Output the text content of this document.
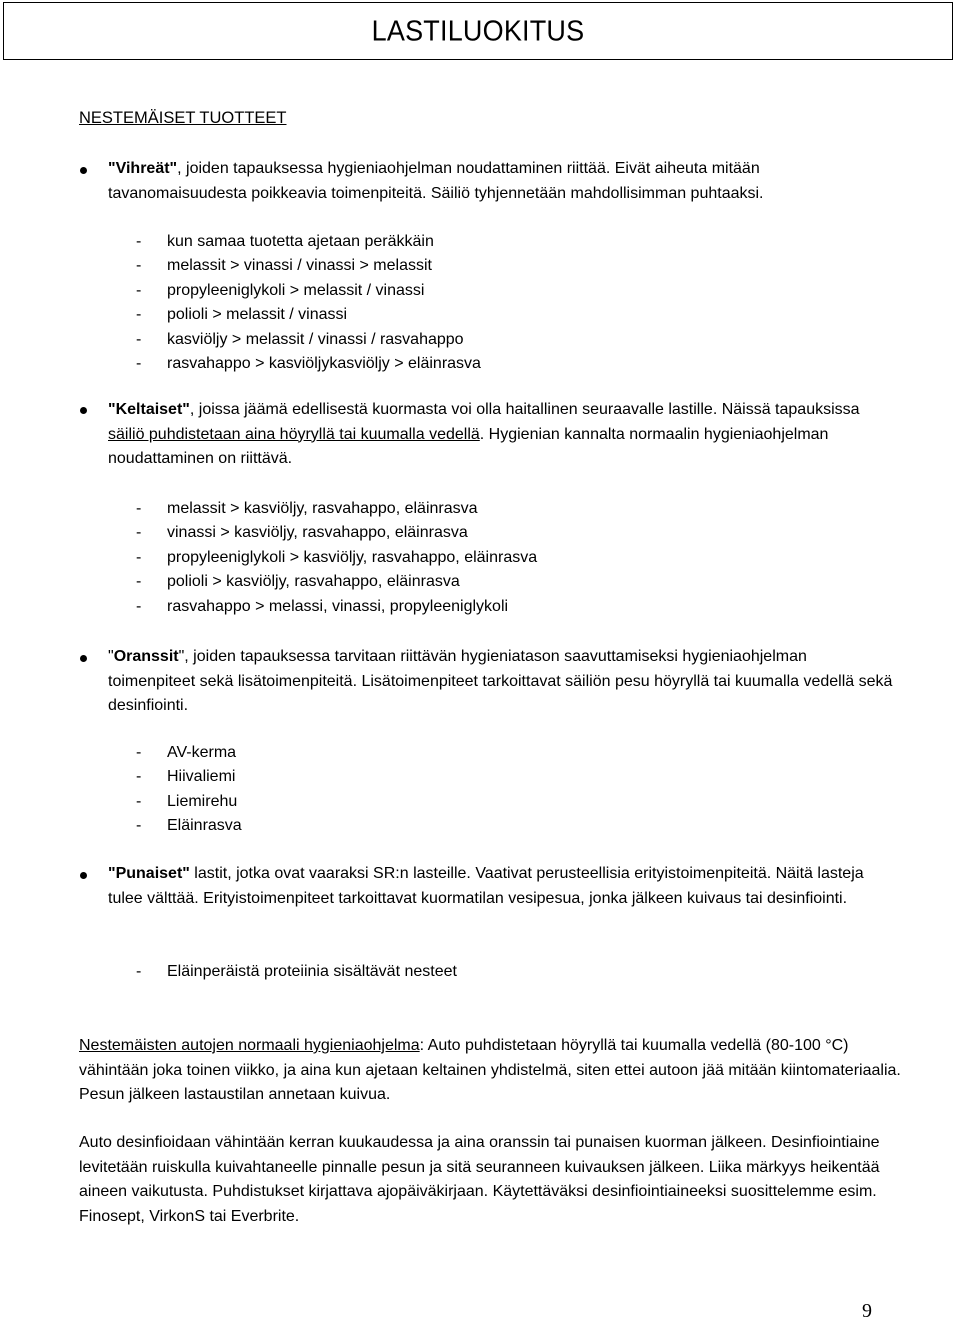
LASTILUOKITUS
NESTEMÄISET TUOTTEET
"Vihreät", joiden tapauksessa hygieniaohjelman noudattaminen riittää. Eivät aiheuta mitään tavanomaisuudesta poikkeavia toimenpiteitä. Säiliö tyhjennetään mahdollisimman puhtaaksi.
- kun samaa tuotetta ajetaan peräkkäin
- melassit > vinassi / vinassi > melassit
- propyleeniglykoli > melassit / vinassi
- polioli > melassit / vinassi
- kasviöljy > melassit / vinassi / rasvahappo
- rasvahappo > kasviöljykasviöljy > eläinrasva
"Keltaiset", joissa jäämä edellisestä kuormasta voi olla haitallinen seuraavalle lastille. Näissä tapauksissa säiliö puhdistetaan aina höyryllä tai kuumalla vedellä. Hygienian kannalta normaalin hygieniaohjelman noudattaminen on riittävä.
- melassit > kasviöljy, rasvahappo, eläinrasva
- vinassi > kasviöljy, rasvahappo, eläinrasva
- propyleeniglykoli > kasviöljy, rasvahappo, eläinrasva
- polioli > kasviöljy, rasvahappo, eläinrasva
- rasvahappo > melassi, vinassi, propyleeniglykoli
"Oranssit", joiden tapauksessa tarvitaan riittävän hygieniatason saavuttamiseksi hygieniaohjelman toimenpiteet sekä lisätoimenpiteitä. Lisätoimenpiteet tarkoittavat säiliön pesu höyryllä tai kuumalla vedellä sekä desinfiointi.
- AV-kerma
- Hiivaliemi
- Liemirehu
- Eläinrasva
"Punaiset" lastit, jotka ovat vaaraksi SR:n lasteille. Vaativat perusteellisia erityistoimenpiteitä. Näitä lasteja tulee välttää. Erityistoimenpiteet tarkoittavat kuormatilan vesipesua, jonka jälkeen kuivaus tai desinfiointi.
- Eläinperäistä proteiinia sisältävät nesteet
Nestemäisten autojen normaali hygieniaohjelma: Auto puhdistetaan höyryllä tai kuumalla vedellä (80-100 °C) vähintään joka toinen viikko, ja aina kun ajetaan keltainen yhdistelmä, siten ettei autoon jää mitään kiintomateriaalia. Pesun jälkeen lastaustilan annetaan kuivua.
Auto desinfioidaan vähintään kerran kuukaudessa ja aina oranssin tai punaisen kuorman jälkeen. Desinfiointiaine levitetään ruiskulla kuivahtaneelle pinnalle pesun ja sitä seuranneen kuivauksen jälkeen. Liika märkyys heikentää aineen vaikutusta. Puhdistukset kirjattava ajopäiväkirjaan. Käytettäväksi desinfiointiaineeksi suosittelemme esim. Finosept, VirkonS tai Everbrite.
9
